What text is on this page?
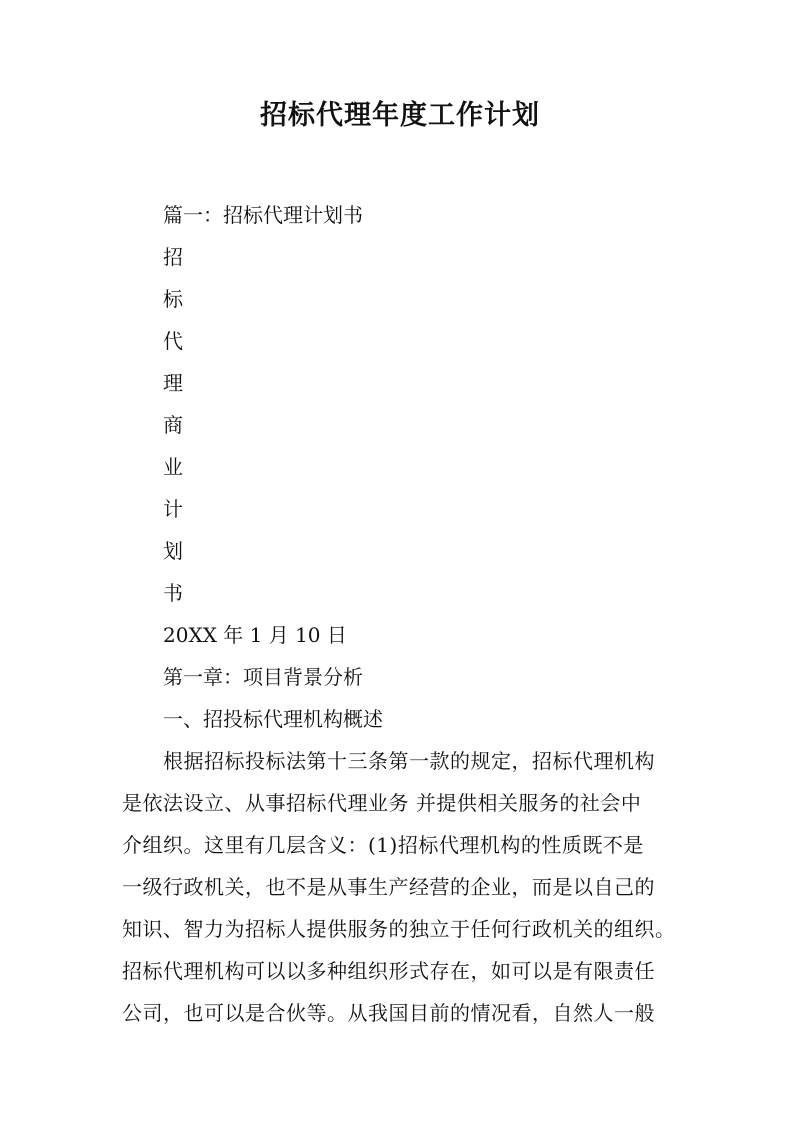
招标代理年度工作计划
篇一：招标代理计划书
招
标
代
理
商
业
计
划
书
20XX 年 1 月 10 日
第一章：项目背景分析
一、招投标代理机构概述
根据招标投标法第十三条第一款的规定，招标代理机构
是依法设立、从事招标代理业务 并提供相关服务的社会中
介组织。这里有几层含义：(1)招标代理机构的性质既不是
一级行政机关，也不是从事生产经营的企业，而是以自己的
知识、智力为招标人提供服务的独立于任何行政机关的组织。
招标代理机构可以以多种组织形式存在，如可以是有限责任
公司，也可以是合伙等。从我国目前的情况看，自然人一般
